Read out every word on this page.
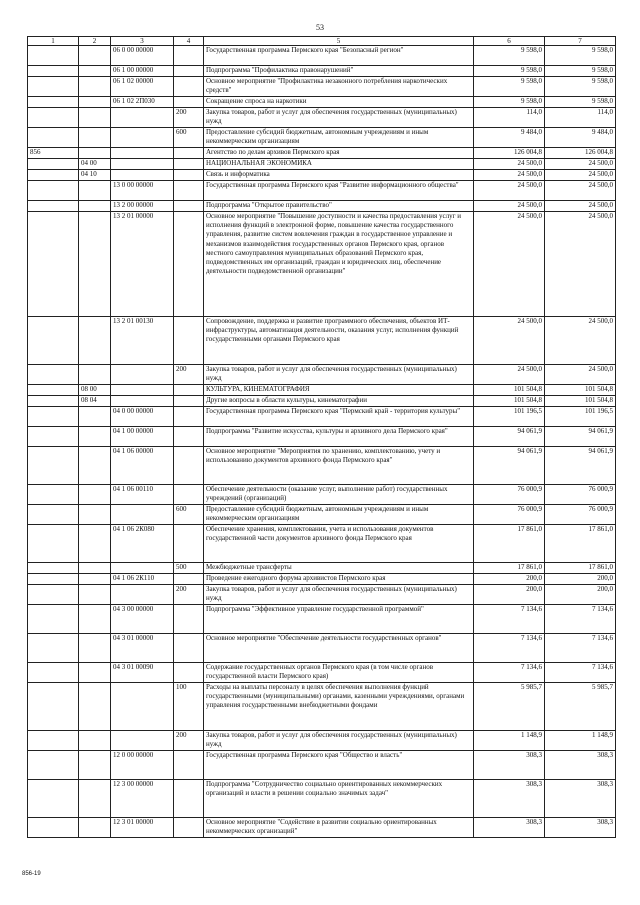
53
1	2	3	4	5	6	7
		06 0 00 00000		Государственная программа Пермского края "Безопасный регион"	9 598,0	9 598,0
		06 1 00 00000		Подпрограмма "Профилактика правонарушений"	9 598,0	9 598,0
		06 1 02 00000		Основное мероприятие "Профилактика незаконного потребления наркотических средств"	9 598,0	9 598,0
		06 1 02 2П030		Сокращение спроса на наркотики	9 598,0	9 598,0
			200	Закупка товаров, работ и услуг для обеспечения государственных (муниципальных) нужд	114,0	114,0
			600	Предоставление субсидий бюджетным, автономным учреждениям и иным некоммерческим организациям	9 484,0	9 484,0
856				Агентство по делам архивов Пермского края	126 004,8	126 004,8
	04 00			НАЦИОНАЛЬНАЯ ЭКОНОМИКА	24 500,0	24 500,0
	04 10			Связь и информатика	24 500,0	24 500,0
		13 0 00 00000		Государственная программа Пермского края "Развитие информационного общества"	24 500,0	24 500,0
		13 2 00 00000		Подпрограмма "Открытое правительство"	24 500,0	24 500,0
		13 2 01 00000		Основное мероприятие "Повышение доступности и качества предоставления услуг и исполнения функций в электронной форме, повышение качества государственного управления, развитие систем вовлечения граждан в государственное управление и механизмов взаимодействия государственных органов Пермского края, органов местного самоуправления муниципальных образований Пермского края, подведомственных им организаций, граждан и юридических лиц, обеспечение деятельности подведомственной организации"	24 500,0	24 500,0
		13 2 01 00130		Сопровождение, поддержка и развитие программного обеспечения, объектов ИТ-инфраструктуры, автоматизация деятельности, оказания услуг, исполнения функций государственными органами Пермского края	24 500,0	24 500,0
			200	Закупка товаров, работ и услуг для обеспечения государственных (муниципальных) нужд	24 500,0	24 500,0
	08 00			КУЛЬТУРА, КИНЕМАТОГРАФИЯ	101 504,8	101 504,8
	08 04			Другие вопросы в области культуры, кинематографии	101 504,8	101 504,8
		04 0 00 00000		Государственная программа Пермского края "Пермский край - территория культуры"	101 196,5	101 196,5
		04 1 00 00000		Подпрограмма "Развитие искусства, культуры и архивного дела Пермского края"	94 061,9	94 061,9
		04 1 06 00000		Основное мероприятие "Мероприятия по хранению, комплектованию, учету и использованию документов архивного фонда Пермского края"	94 061,9	94 061,9
		04 1 06 00110		Обеспечение деятельности (оказание услуг, выполнение работ) государственных учреждений (организаций)	76 000,9	76 000,9
			600	Предоставление субсидий бюджетным, автономным учреждениям и иным некоммерческим организациям	76 000,9	76 000,9
		04 1 06 2К080		Обеспечение хранения, комплектования, учета и использования документов государственной части документов архивного фонда Пермского края	17 861,0	17 861,0
			500	Межбюджетные трансферты	17 861,0	17 861,0
		04 1 06 2К110		Проведение ежегодного форума архивистов Пермского края	200,0	200,0
			200	Закупка товаров, работ и услуг для обеспечения государственных (муниципальных) нужд	200,0	200,0
		04 3 00 00000		Подпрограмма "Эффективное управление государственной программой"	7 134,6	7 134,6
		04 3 01 00000		Основное мероприятие "Обеспечение деятельности государственных органов"	7 134,6	7 134,6
		04 3 01 00090		Содержание государственных органов Пермского края (в том числе органов государственной власти Пермского края)	7 134,6	7 134,6
			100	Расходы на выплаты персоналу в целях обеспечения выполнения функций государственными (муниципальными) органами, казенными учреждениями, органами управления государственными внебюджетными фондами	5 985,7	5 985,7
			200	Закупка товаров, работ и услуг для обеспечения государственных (муниципальных) нужд	1 148,9	1 148,9
		12 0 00 00000		Государственная программа Пермского края "Общество и власть"	308,3	308,3
		12 3 00 00000		Подпрограмма "Сотрудничество социально ориентированных некоммерческих организаций и власти в решении социально значимых задач"	308,3	308,3
		12 3 01 00000		Основное мероприятие "Содействие в развитии социально ориентированных некоммерческих организаций"	308,3	308,3
856-19
